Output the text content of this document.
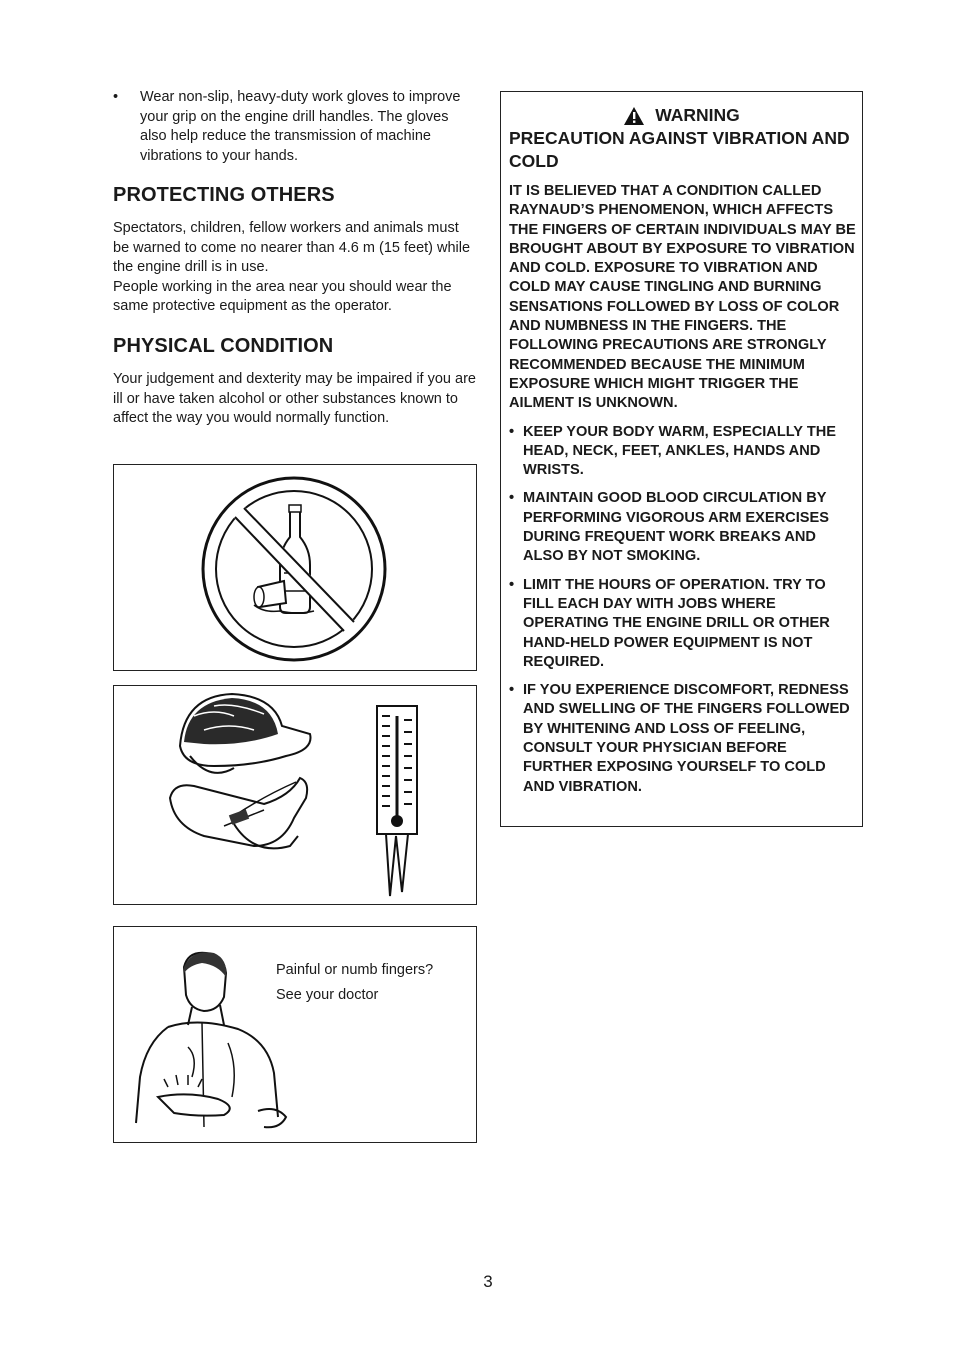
•	Wear non-slip, heavy-duty work gloves to improve your grip on the engine drill handles. The gloves also help reduce the transmission of machine vibrations to your hands.
PROTECTING OTHERS

Spectators, children, fellow workers and animals must be warned to come no nearer than 4.6 m (15 feet) while the engine drill is in use.

People working in the area near you should wear the same protective equipment as the operator.

PHYSICAL CONDITION

Your judgement and dexterity may be impaired if you are ill or have taken alcohol or other substances known to affect the way you would normally function.

Painful or numb fingers?
See your doctor
WARNING
PRECAUTION AGAINST VIBRATION AND COLD

IT IS BELIEVED THAT A CONDITION CALLED RAYNAUD’S PHENOMENON, WHICH AFFECTS THE FINGERS OF CERTAIN INDIVIDUALS MAY BE BROUGHT ABOUT BY EXPOSURE TO VIBRATION AND COLD. EXPOSURE TO VIBRATION AND COLD MAY CAUSE TINGLING AND BURNING SENSATIONS FOLLOWED BY LOSS OF COLOR AND NUMBNESS IN THE FINGERS. THE FOLLOWING PRECAUTIONS ARE STRONGLY RECOMMENDED BECAUSE THE MINIMUM EXPOSURE WHICH MIGHT TRIGGER THE AILMENT IS UNKNOWN.

• KEEP YOUR BODY WARM, ESPECIALLY THE HEAD, NECK, FEET, ANKLES, HANDS AND WRISTS.
• MAINTAIN GOOD BLOOD CIRCULATION BY PERFORMING VIGOROUS ARM EXERCISES DURING FREQUENT WORK BREAKS AND ALSO BY NOT SMOKING.
• LIMIT THE HOURS OF OPERATION. TRY TO FILL EACH DAY WITH JOBS WHERE OPERATING THE ENGINE DRILL OR OTHER HAND-HELD POWER EQUIPMENT IS NOT REQUIRED.
• IF YOU EXPERIENCE DISCOMFORT, REDNESS AND SWELLING OF THE FINGERS FOLLOWED BY WHITENING AND LOSS OF FEELING, CONSULT YOUR PHYSICIAN BEFORE FURTHER EXPOSING YOURSELF TO COLD AND VIBRATION.
3
